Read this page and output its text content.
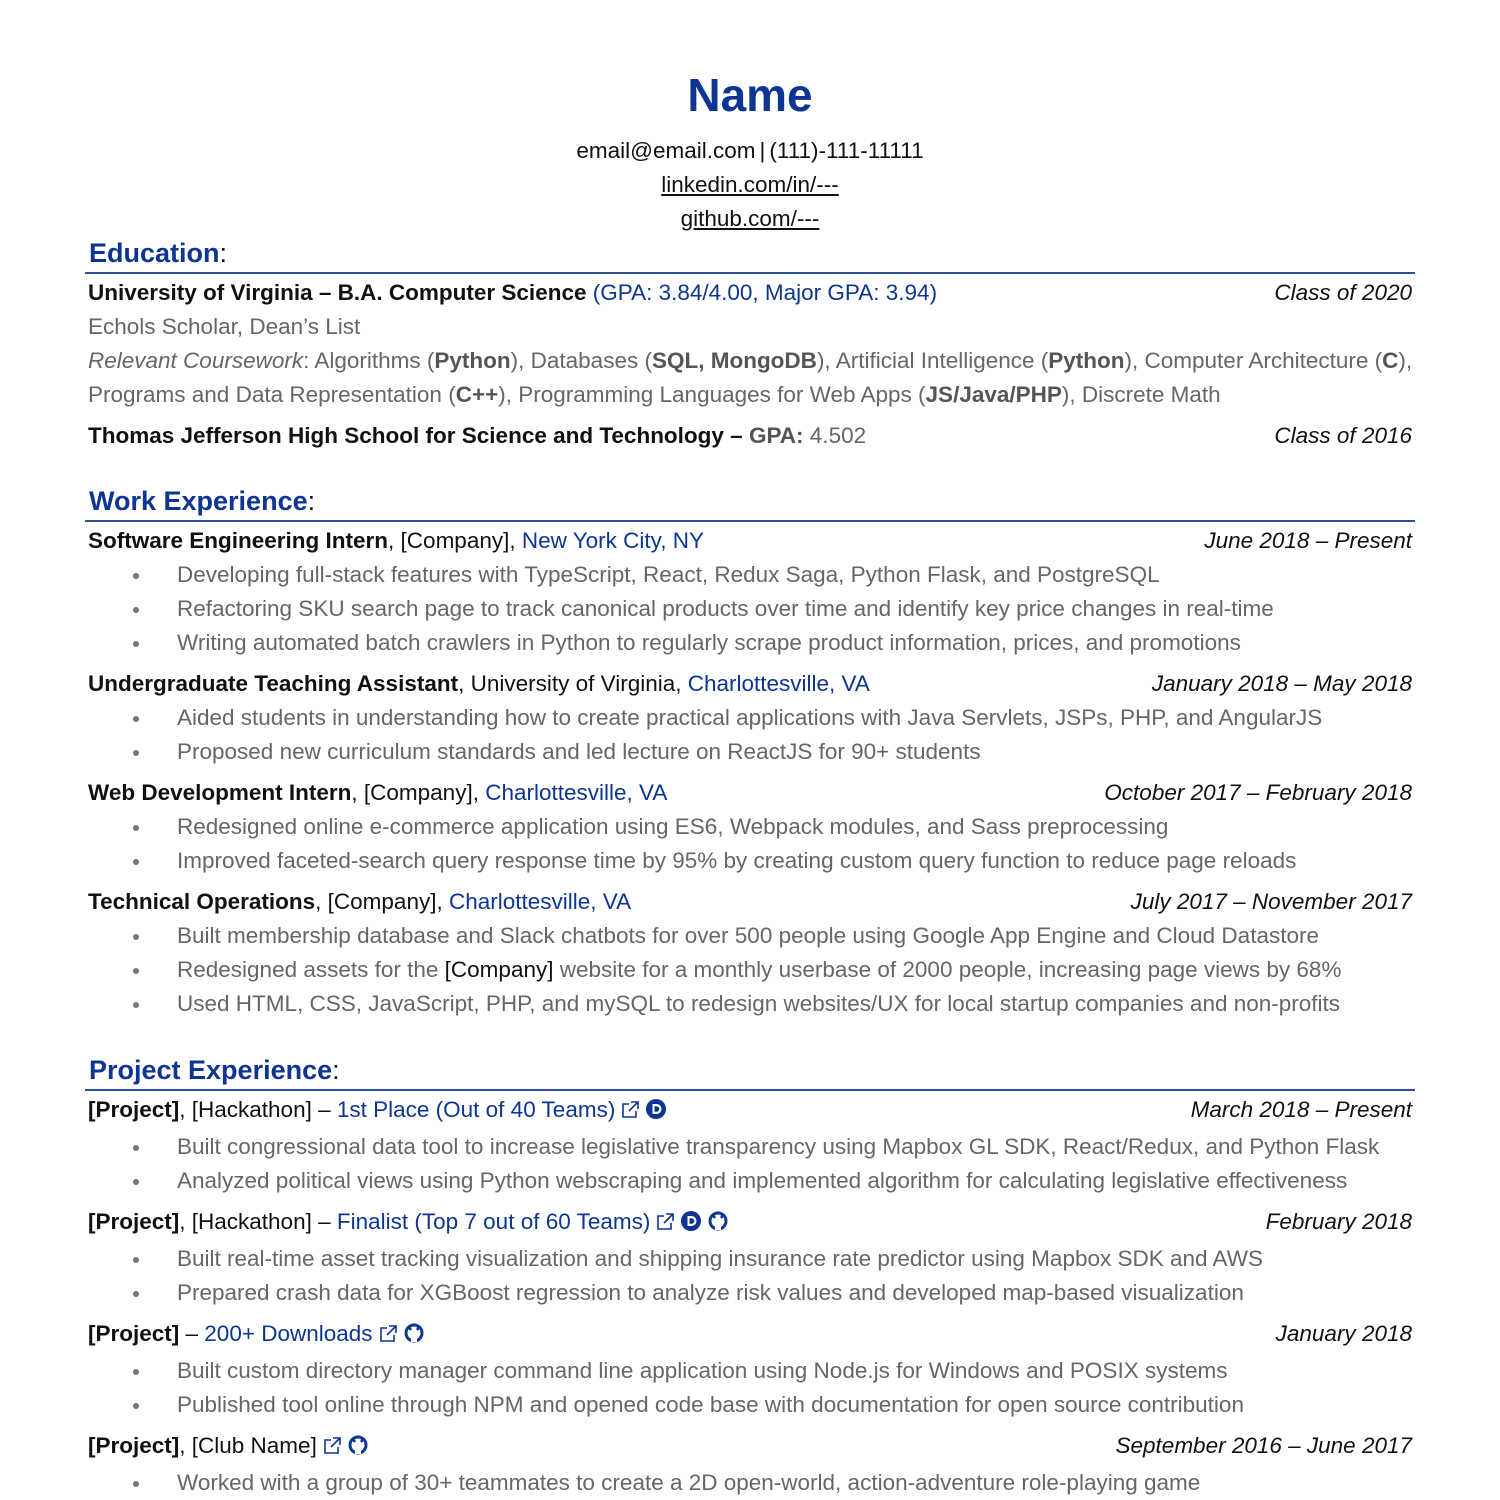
Name
email@email.com | (111)-111-11111
linkedin.com/in/---
github.com/---
Education:
University of Virginia – B.A. Computer Science (GPA: 3.84/4.00, Major GPA: 3.94)	Class of 2020
Echols Scholar, Dean’s List
Relevant Coursework: Algorithms (Python), Databases (SQL, MongoDB), Artificial Intelligence (Python), Computer Architecture (C),
Programs and Data Representation (C++), Programming Languages for Web Apps (JS/Java/PHP), Discrete Math
Thomas Jefferson High School for Science and Technology – GPA: 4.502	Class of 2016
Work Experience:
Software Engineering Intern, [Company], New York City, NY	June 2018 – Present
Developing full-stack features with TypeScript, React, Redux Saga, Python Flask, and PostgreSQL
Refactoring SKU search page to track canonical products over time and identify key price changes in real-time
Writing automated batch crawlers in Python to regularly scrape product information, prices, and promotions
Undergraduate Teaching Assistant, University of Virginia, Charlottesville, VA	January 2018 – May 2018
Aided students in understanding how to create practical applications with Java Servlets, JSPs, PHP, and AngularJS
Proposed new curriculum standards and led lecture on ReactJS for 90+ students
Web Development Intern, [Company], Charlottesville, VA	October 2017 – February 2018
Redesigned online e-commerce application using ES6, Webpack modules, and Sass preprocessing
Improved faceted-search query response time by 95% by creating custom query function to reduce page reloads
Technical Operations, [Company], Charlottesville, VA	July 2017 – November 2017
Built membership database and Slack chatbots for over 500 people using Google App Engine and Cloud Datastore
Redesigned assets for the [Company] website for a monthly userbase of 2000 people, increasing page views by 68%
Used HTML, CSS, JavaScript, PHP, and mySQL to redesign websites/UX for local startup companies and non-profits
Project Experience:
[Project], [Hackathon] – 1st Place (Out of 40 Teams)	March 2018 – Present
Built congressional data tool to increase legislative transparency using Mapbox GL SDK, React/Redux, and Python Flask
Analyzed political views using Python webscraping and implemented algorithm for calculating legislative effectiveness
[Project], [Hackathon] – Finalist (Top 7 out of 60 Teams)	February 2018
Built real-time asset tracking visualization and shipping insurance rate predictor using Mapbox SDK and AWS
Prepared crash data for XGBoost regression to analyze risk values and developed map-based visualization
[Project] – 200+ Downloads	January 2018
Built custom directory manager command line application using Node.js for Windows and POSIX systems
Published tool online through NPM and opened code base with documentation for open source contribution
[Project], [Club Name]	September 2016 – June 2017
Worked with a group of 30+ teammates to create a 2D open-world, action-adventure role-playing game
